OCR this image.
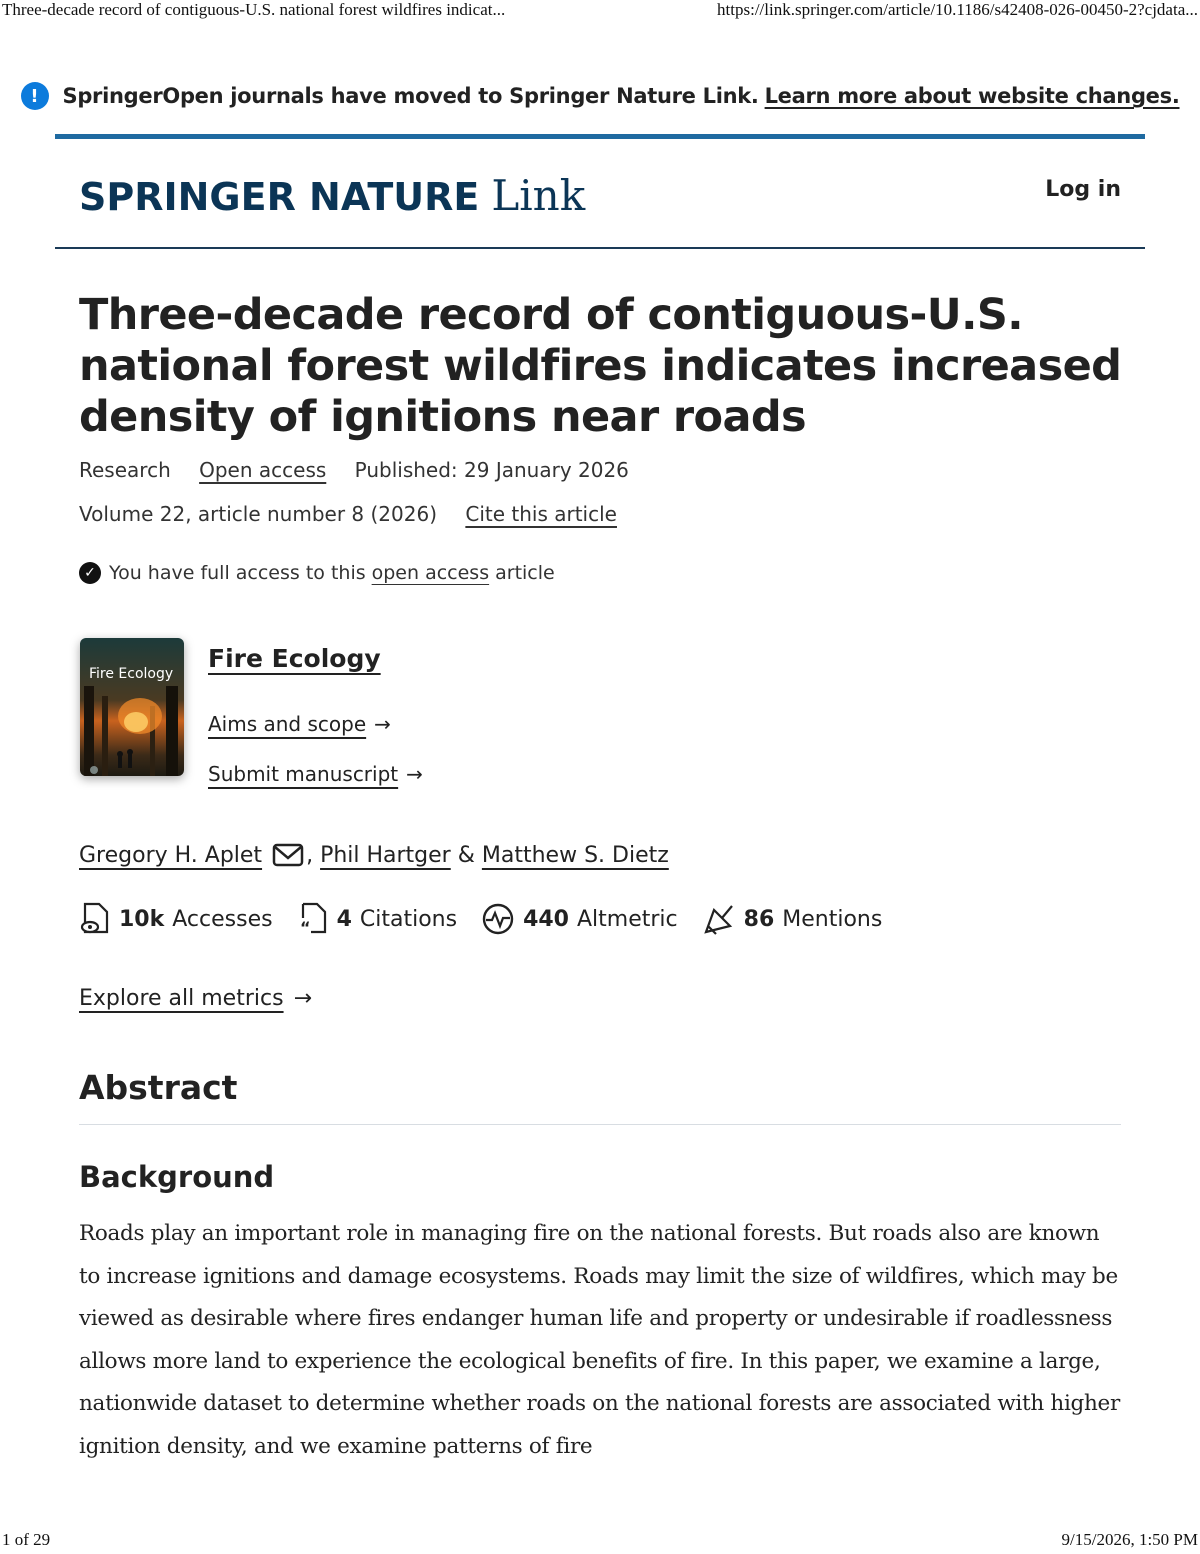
Three-decade record of contiguous-U.S. national forest wildfires indicat...	https://link.springer.com/article/10.1186/s42408-026-00450-2?cjdata...
!	SpringerOpen journals have moved to Springer Nature Link. Learn more about website changes.
SPRINGER NATURE Link	Log in
Three-decade record of contiguous-U.S. national forest wildfires indicates increased density of ignitions near roads
Research Open access Published: 29 January 2026
Volume 22, article number 8 (2026) Cite this article
✓ You have full access to this open access article
Fire Ecology
Fire Ecology
Aims and scope →
Submit manuscript →
Gregory H. Aplet ,
Phil Hartger
&
Matthew S. Dietz
10k Accesses “ 4 Citations	440 Altmetric	86 Mentions
Explore all metrics →
Abstract
Background

Roads play an important role in managing fire on the national forests. But roads also are known to increase ignitions and damage ecosystems. Roads may limit the size of wildfires, which may be viewed as desirable where fires endanger human life and property or undesirable if roadlessness allows more land to experience the ecological benefits of fire. In this paper, we examine a large, nationwide dataset to determine whether roads on the national forests are associated with higher ignition density, and we examine patterns of fire

1 of 29	9/15/2026, 1:50 PM
